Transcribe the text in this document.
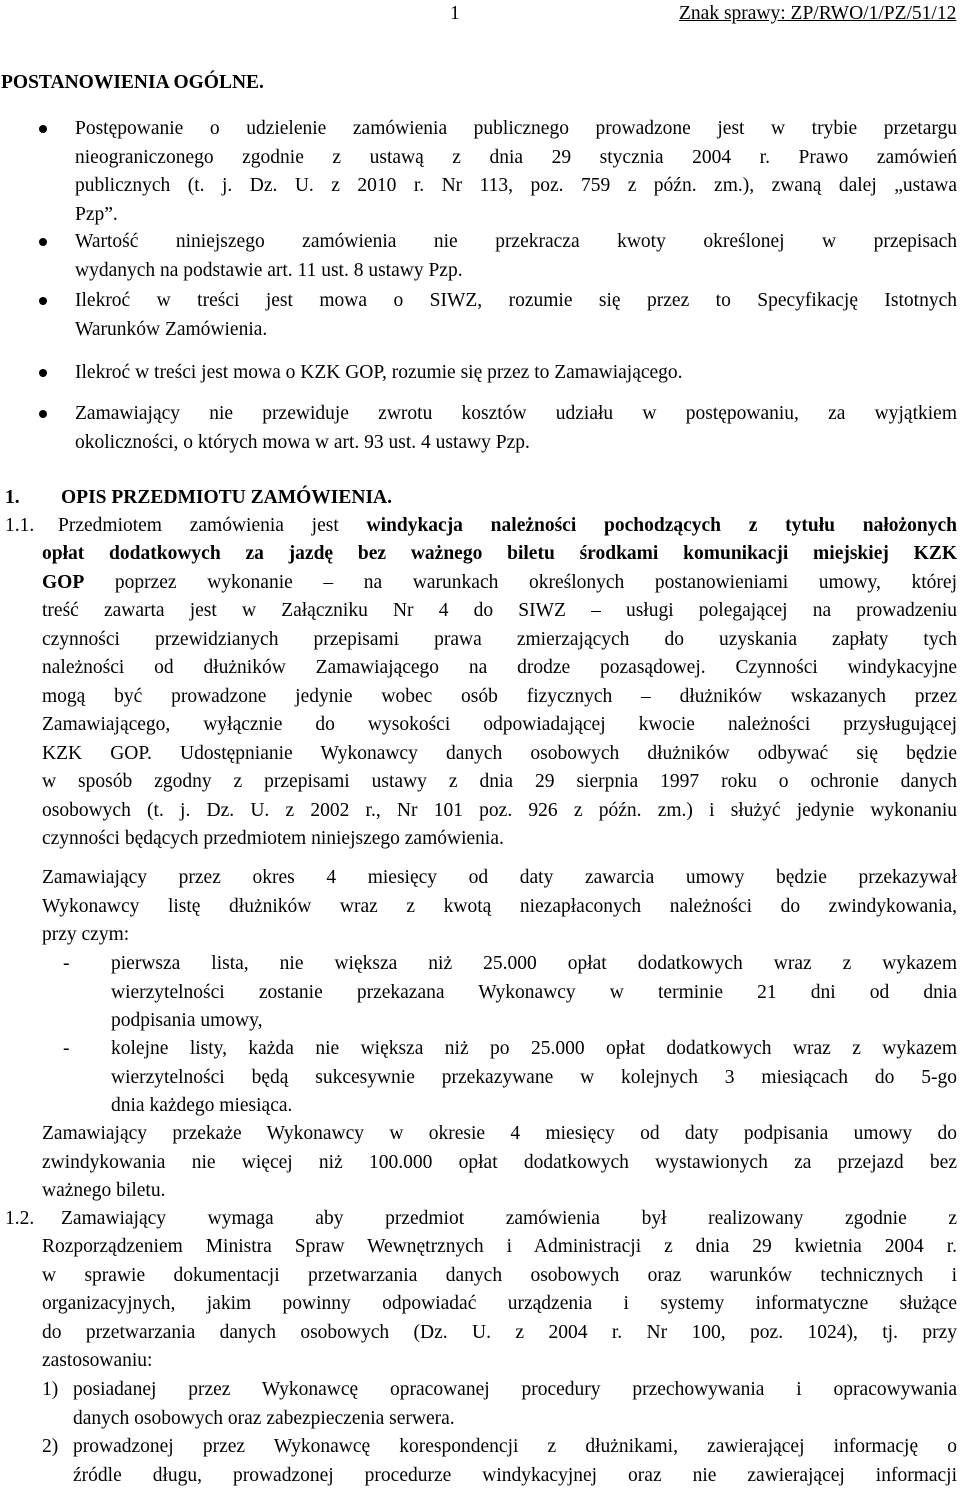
1	Znak sprawy: ZP/RWO/1/PZ/51/12
POSTANOWIENIA OGÓLNE.
Postępowanie o udzielenie zamówienia publicznego prowadzone jest w trybie przetargu
nieograniczonego zgodnie z ustawą z dnia 29 stycznia 2004 r. Prawo zamówień
publicznych (t. j. Dz. U. z 2010 r. Nr 113, poz. 759 z późn. zm.), zwaną dalej „ustawa
Pzp”.
Wartość niniejszego zamówienia nie przekracza kwoty określonej w przepisach
wydanych na podstawie art. 11 ust. 8 ustawy Pzp.
Ilekroć w treści jest mowa o SIWZ, rozumie się przez to Specyfikację Istotnych
Warunków Zamówienia.
Ilekroć w treści jest mowa o KZK GOP, rozumie się przez to Zamawiającego.
Zamawiający nie przewiduje zwrotu kosztów udziału w postępowaniu, za wyjątkiem
okoliczności, o których mowa w art. 93 ust. 4 ustawy Pzp.
1. OPIS PRZEDMIOTU ZAMÓWIENIA.
1.1. Przedmiotem zamówienia jest windykacja należności pochodzących z tytułu nałożonych
opłat dodatkowych za jazdę bez ważnego biletu środkami komunikacji miejskiej KZK
GOP poprzez wykonanie – na warunkach określonych postanowieniami umowy, której
treść zawarta jest w Załączniku Nr 4 do SIWZ – usługi polegającej na prowadzeniu
czynności przewidzianych przepisami prawa zmierzających do uzyskania zapłaty tych
należności od dłużników Zamawiającego na drodze pozasądowej. Czynności windykacyjne
mogą być prowadzone jedynie wobec osób fizycznych – dłużników wskazanych przez
Zamawiającego, wyłącznie do wysokości odpowiadającej kwocie należności przysługującej
KZK GOP. Udostępnianie Wykonawcy danych osobowych dłużników odbywać się będzie
w sposób zgodny z przepisami ustawy z dnia 29 sierpnia 1997 roku o ochronie danych
osobowych (t. j. Dz. U. z 2002 r., Nr 101 poz. 926 z późn. zm.) i służyć jedynie wykonaniu
czynności będących przedmiotem niniejszego zamówienia.
Zamawiający przez okres 4 miesięcy od daty zawarcia umowy będzie przekazywał
Wykonawcy listę dłużników wraz z kwotą niezapłaconych należności do zwindykowania,
przy czym:
- pierwsza lista, nie większa niż 25.000 opłat dodatkowych wraz z wykazem
wierzytelności zostanie przekazana Wykonawcy w terminie 21 dni od dnia
podpisania umowy,
- kolejne listy, każda nie większa niż po 25.000 opłat dodatkowych wraz z wykazem
wierzytelności będą sukcesywnie przekazywane w kolejnych 3 miesiącach do 5-go
dnia każdego miesiąca.
Zamawiający przekaże Wykonawcy w okresie 4 miesięcy od daty podpisania umowy do
zwindykowania nie więcej niż 100.000 opłat dodatkowych wystawionych za przejazd bez
ważnego biletu.
1.2. Zamawiający wymaga aby przedmiot zamówienia był realizowany zgodnie z
Rozporządzeniem Ministra Spraw Wewnętrznych i Administracji z dnia 29 kwietnia 2004 r.
w sprawie dokumentacji przetwarzania danych osobowych oraz warunków technicznych i
organizacyjnych, jakim powinny odpowiadać urządzenia i systemy informatyczne służące
do przetwarzania danych osobowych (Dz. U. z 2004 r. Nr 100, poz. 1024), tj. przy
zastosowaniu:
1) posiadanej przez Wykonawcę opracowanej procedury przechowywania i opracowywania
danych osobowych oraz zabezpieczenia serwera.
2) prowadzonej przez Wykonawcę korespondencji z dłużnikami, zawierającej informację o
źródle długu, prowadzonej procedurze windykacyjnej oraz nie zawierającej informacji
